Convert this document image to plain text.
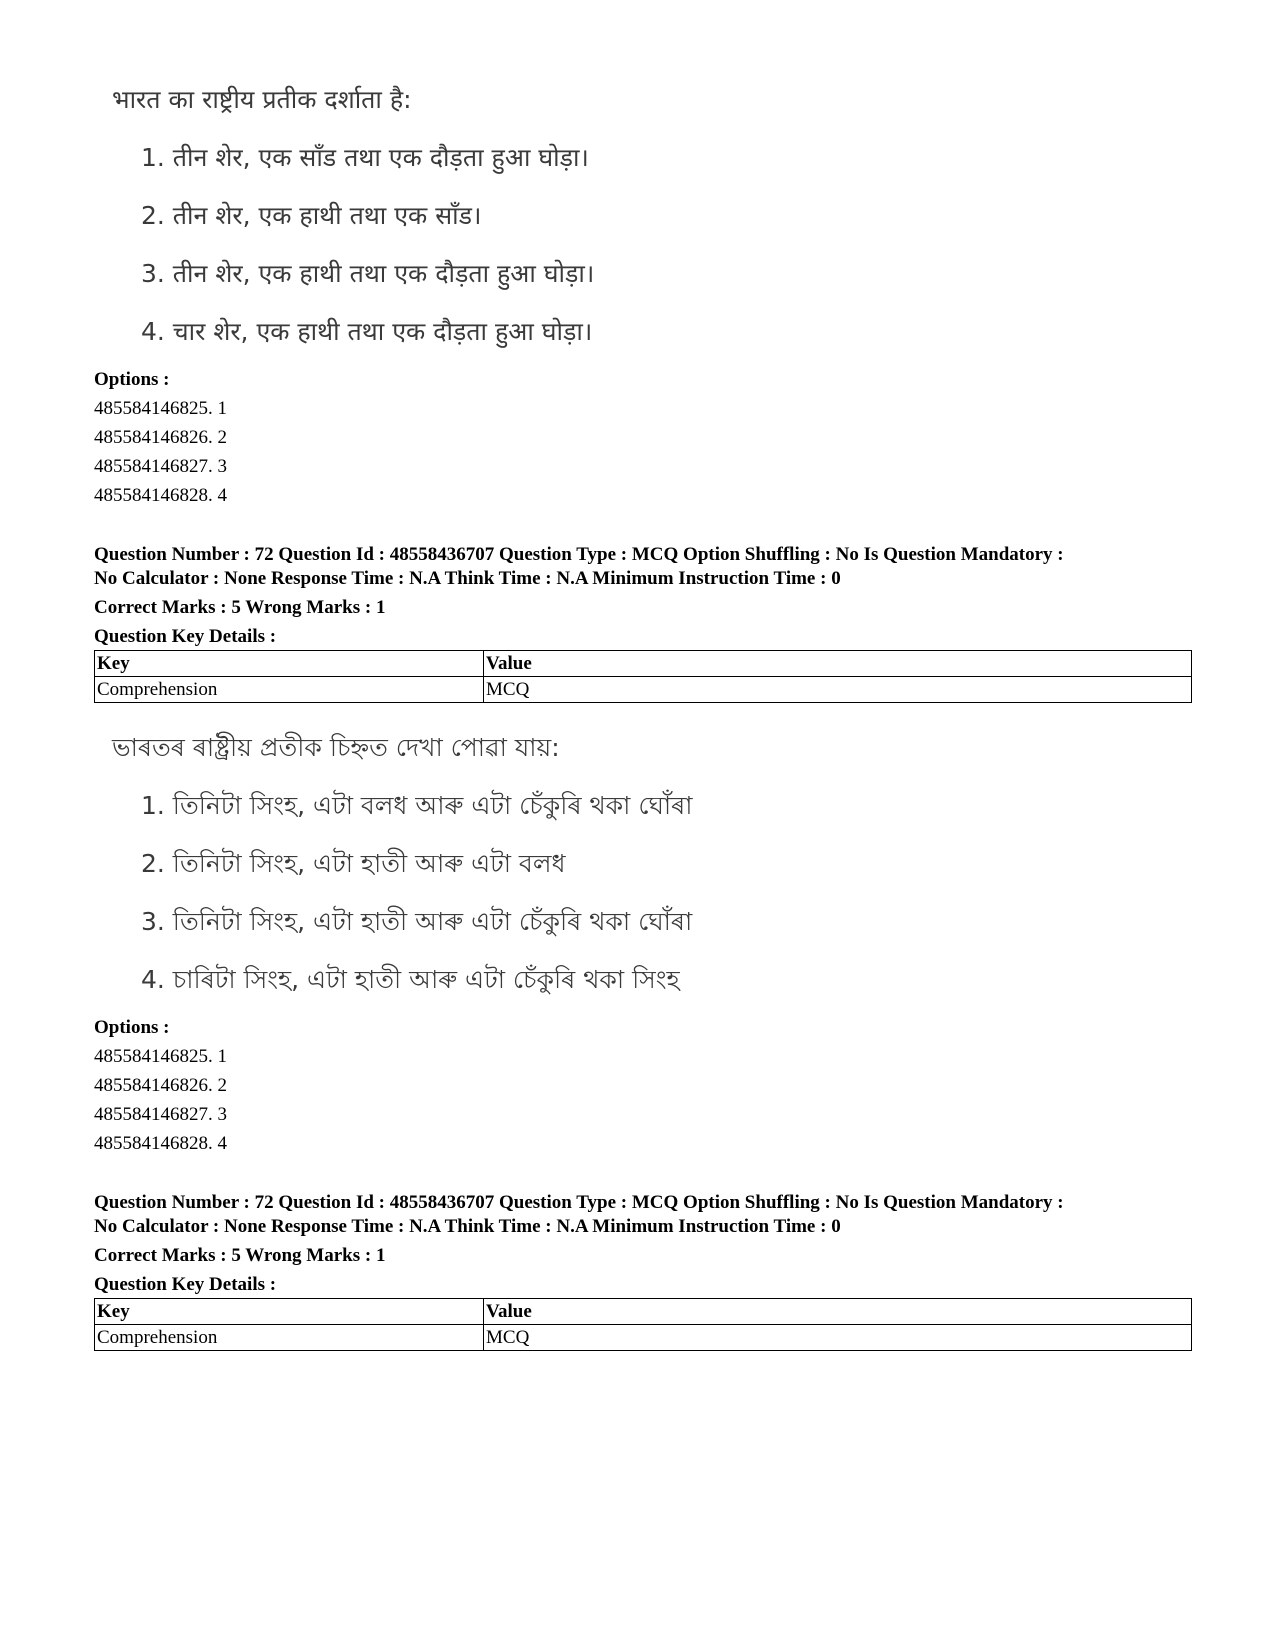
भारत का राष्ट्रीय प्रतीक दर्शाता है:
1. तीन शेर, एक साँड तथा एक दौड़ता हुआ घोड़ा।
2. तीन शेर, एक हाथी तथा एक साँड।
3. तीन शेर, एक हाथी तथा एक दौड़ता हुआ घोड़ा।
4. चार शेर, एक हाथी तथा एक दौड़ता हुआ घोड़ा।
Options :
485584146825. 1
485584146826. 2
485584146827. 3
485584146828. 4
Question Number : 72 Question Id : 48558436707 Question Type : MCQ Option Shuffling : No Is Question Mandatory :
No Calculator : None Response Time : N.A Think Time : N.A Minimum Instruction Time : 0
Correct Marks : 5 Wrong Marks : 1
Question Key Details :
Key	Value
Comprehension	MCQ
ভাৰতৰ ৰাষ্ট্ৰীয় প্ৰতীক চিহ্নত দেখা পোৱা যায়:
1. তিনিটা সিংহ, এটা বলধ আৰু এটা চেঁকুৰি থকা ঘোঁৰা
2. তিনিটা সিংহ, এটা হাতী আৰু এটা বলধ
3. তিনিটা সিংহ, এটা হাতী আৰু এটা চেঁকুৰি থকা ঘোঁৰা
4. চাৰিটা সিংহ, এটা হাতী আৰু এটা চেঁকুৰি থকা সিংহ
Options :
485584146825. 1
485584146826. 2
485584146827. 3
485584146828. 4
Question Number : 72 Question Id : 48558436707 Question Type : MCQ Option Shuffling : No Is Question Mandatory :
No Calculator : None Response Time : N.A Think Time : N.A Minimum Instruction Time : 0
Correct Marks : 5 Wrong Marks : 1
Question Key Details :
Key	Value
Comprehension	MCQ
